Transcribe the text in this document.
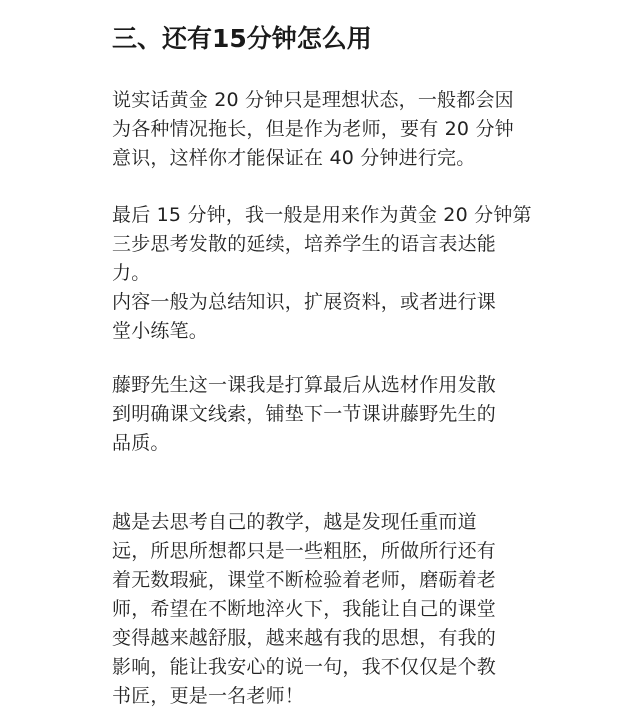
三、还有15分钟怎么用
说实话黄金 20 分钟只是理想状态，一般都会因
为各种情况拖长，但是作为老师，要有 20 分钟
意识，这样你才能保证在 40 分钟进行完。
最后 15 分钟，我一般是用来作为黄金 20 分钟第
三步思考发散的延续，培养学生的语言表达能
力。
内容一般为总结知识，扩展资料，或者进行课
堂小练笔。
藤野先生这一课我是打算最后从选材作用发散
到明确课文线索，铺垫下一节课讲藤野先生的
品质。
越是去思考自己的教学，越是发现任重而道
远，所思所想都只是一些粗胚，所做所行还有
着无数瑕疵，课堂不断检验着老师，磨砺着老
师，希望在不断地淬火下，我能让自己的课堂
变得越来越舒服，越来越有我的思想，有我的
影响，能让我安心的说一句，我不仅仅是个教
书匠，更是一名老师！
